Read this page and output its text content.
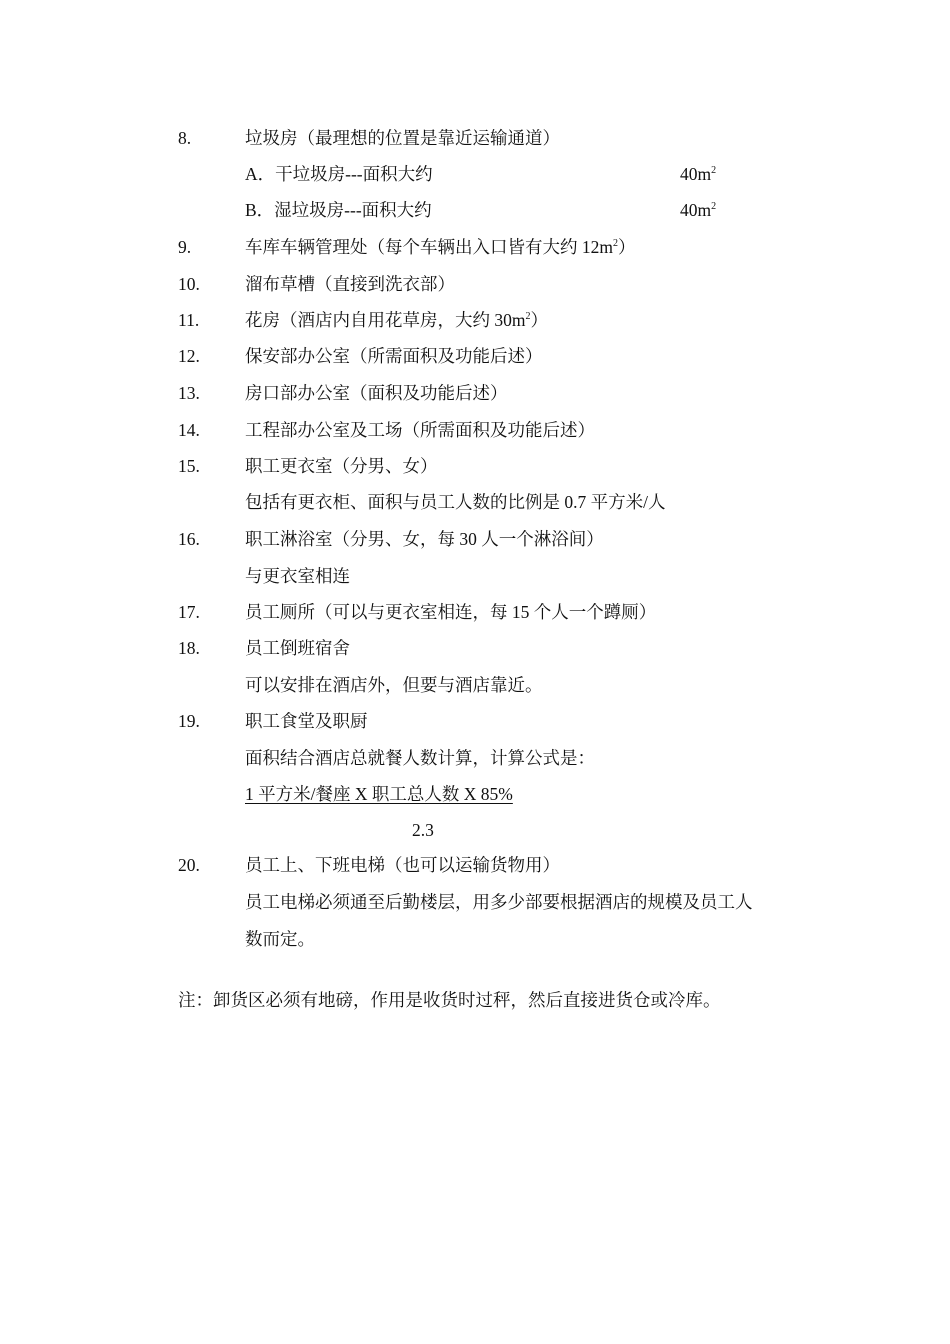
8.	垃圾房（最理想的位置是靠近运输通道）
A．干垃圾房---面积大约	$40m^2$
B．湿垃圾房---面积大约	$40m^2$
9.	车库车辆管理处（每个车辆出入口皆有大约 $12m^2$）
10.	溜布草槽（直接到洗衣部）
11.	花房（酒店内自用花草房，大约 $30m^2$）
12.	保安部办公室（所需面积及功能后述）
13.	房口部办公室（面积及功能后述）
14.	工程部办公室及工场（所需面积及功能后述）
15.	职工更衣室（分男、女）
包括有更衣柜、面积与员工人数的比例是 0.7 平方米/人
16.	职工淋浴室（分男、女，每 30 人一个淋浴间）
与更衣室相连
17.	员工厕所（可以与更衣室相连，每 15 个人一个蹲厕）
18.	员工倒班宿舍
可以安排在酒店外，但要与酒店靠近。
19.	职工食堂及职厨
面积结合酒店总就餐人数计算，计算公式是：
1 平方米/餐座 X 职工总人数 X 85%
2.3
20.	员工上、下班电梯（也可以运输货物用）
员工电梯必须通至后勤楼层，用多少部要根据酒店的规模及员工人
数而定。
注：卸货区必须有地磅，作用是收货时过秤，然后直接进货仓或冷库。
